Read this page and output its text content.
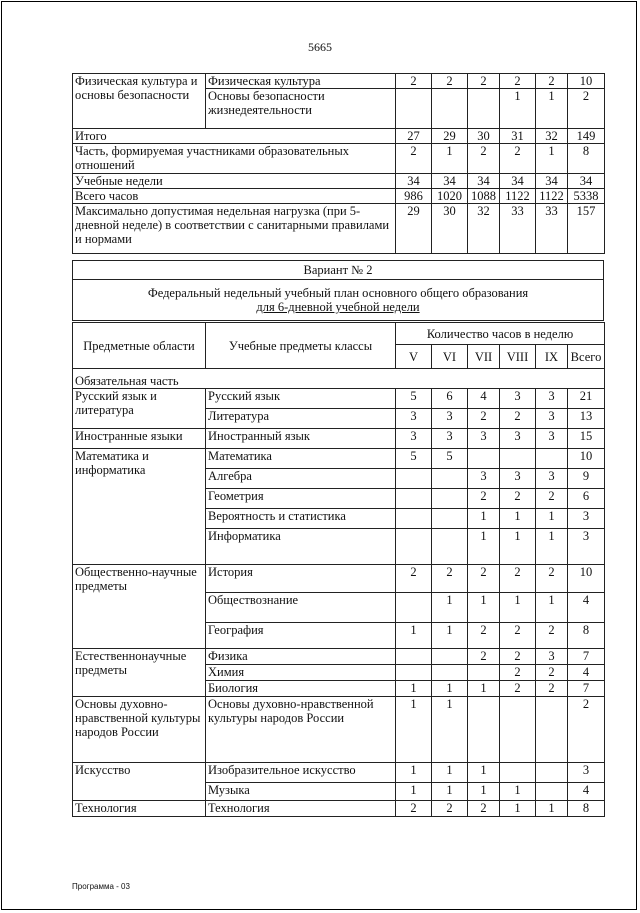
5665
Физическая культура и основы безопасности	Физическая культура	2	2	2	2	2	10
	Основы безопасности жизнедеятельности				1	1	2
Итого		27	29	30	31	32	149
Часть, формируемая участниками образовательных отношений		2	1	2	2	1	8
Учебные недели		34	34	34	34	34	34
Всего часов		986	1020	1088	1122	1122	5338
Максимально допустимая недельная нагрузка (при 5-дневной неделе) в соответствии с санитарными правилами и нормами		29	30	32	33	33	157
Вариант № 2

Федеральный недельный учебный план основного общего образования
для 6-дневной учебной недели
Предметные области	Учебные предметы классы	Количество часов в неделю					
		V	VI	VII	VIII	IX	Всего
Обязательная часть							
Русский язык и литература	Русский язык	5	6	4	3	3	21
	Литература	3	3	2	2	3	13
Иностранные языки	Иностранный язык	3	3	3	3	3	15
Математика и информатика	Математика	5	5				10
	Алгебра			3	3	3	9
	Геометрия			2	2	2	6
	Вероятность и статистика			1	1	1	3
	Информатика			1	1	1	3
Общественно-научные предметы	История	2	2	2	2	2	10
	Обществознание		1	1	1	1	4
	География	1	1	2	2	2	8
Естественнонаучные предметы	Физика			2	2	3	7
	Химия				2	2	4
	Биология	1	1	1	2	2	7
Основы духовно-нравственной культуры народов России	Основы духовно-нравственной культуры народов России	1	1				2
Искусство	Изобразительное искусство	1	1	1			3
	Музыка	1	1	1	1		4
Технология	Технология	2	2	2	1	1	8
Программа - 03
